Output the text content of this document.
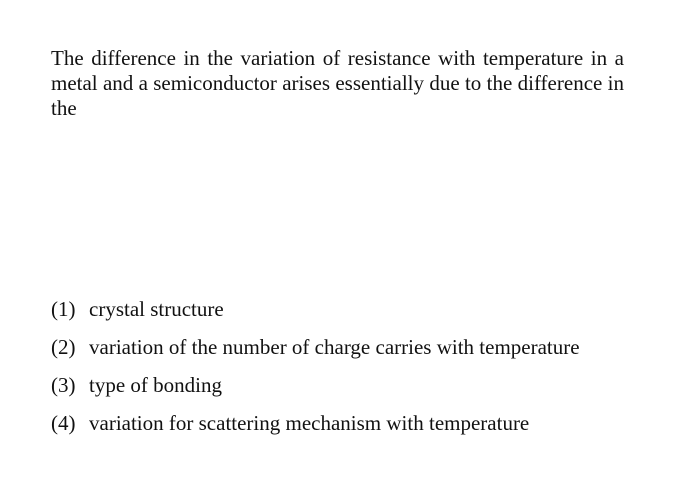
The difference in the variation of resistance with temperature in a metal and a semiconductor arises essentially due to the difference in the

(1) crystal structure
(2) variation of the number of charge carries with temperature
(3) type of bonding
(4) variation for scattering mechanism with temperature
